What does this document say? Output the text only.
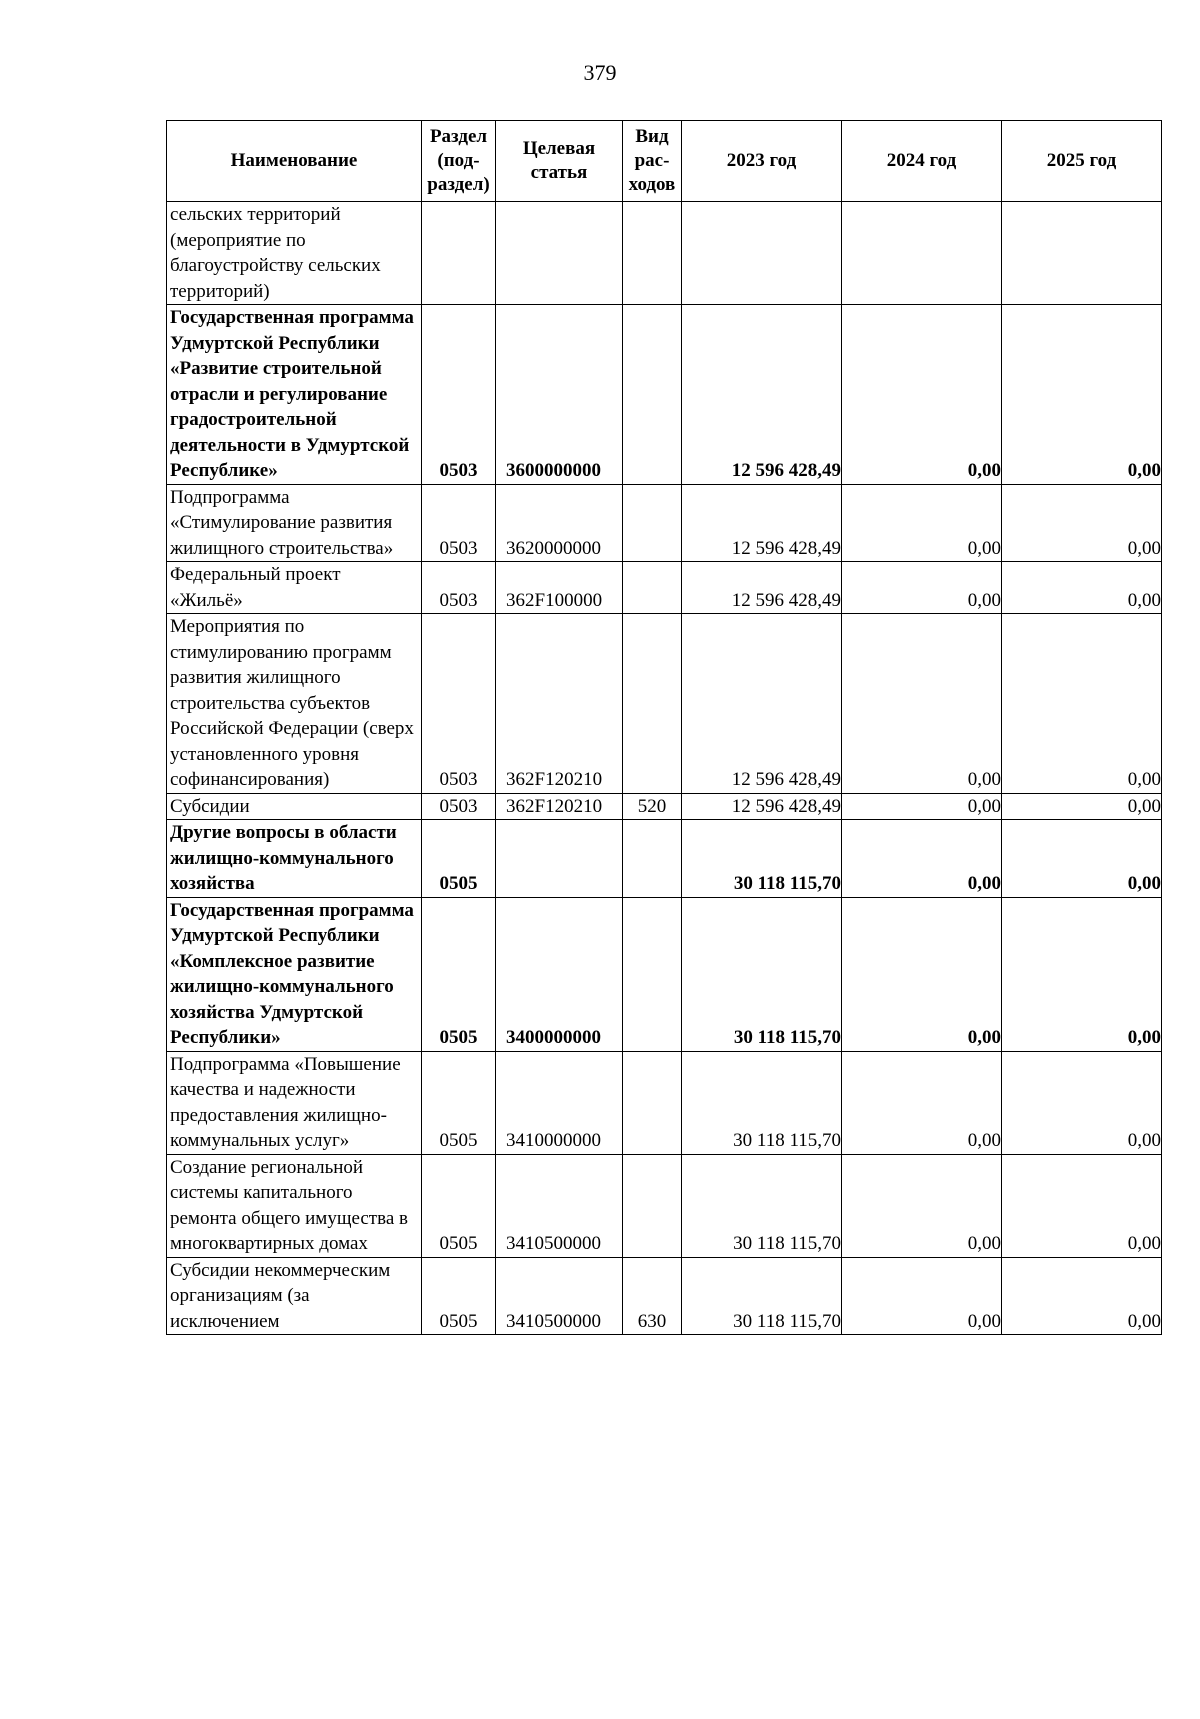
379
Наименование	Раздел (под-раздел)	Целевая статья	Вид рас-ходов	2023 год	2024 год	2025 год
сельских территорий (мероприятие по благоустройству сельских территорий)						
Государственная программа Удмуртской Республики «Развитие строительной отрасли и регулирование градостроительной деятельности в Удмуртской Республике»	0503	3600000000		12 596 428,49	0,00	0,00
Подпрограмма «Стимулирование развития жилищного строительства»	0503	3620000000		12 596 428,49	0,00	0,00
Федеральный проект «Жильё»	0503	362F100000		12 596 428,49	0,00	0,00
Мероприятия по стимулированию программ развития жилищного строительства субъектов Российской Федерации (сверх установленного уровня софинансирования)	0503	362F120210		12 596 428,49	0,00	0,00
Субсидии	0503	362F120210	520	12 596 428,49	0,00	0,00
Другие вопросы в области жилищно-коммунального хозяйства	0505			30 118 115,70	0,00	0,00
Государственная программа Удмуртской Республики «Комплексное развитие жилищно-коммунального хозяйства Удмуртской Республики»	0505	3400000000		30 118 115,70	0,00	0,00
Подпрограмма «Повышение качества и надежности предоставления жилищно-коммунальных услуг»	0505	3410000000		30 118 115,70	0,00	0,00
Создание региональной системы капитального ремонта общего имущества в многоквартирных домах	0505	3410500000		30 118 115,70	0,00	0,00
Субсидии некоммерческим организациям (за исключением	0505	3410500000	630	30 118 115,70	0,00	0,00
